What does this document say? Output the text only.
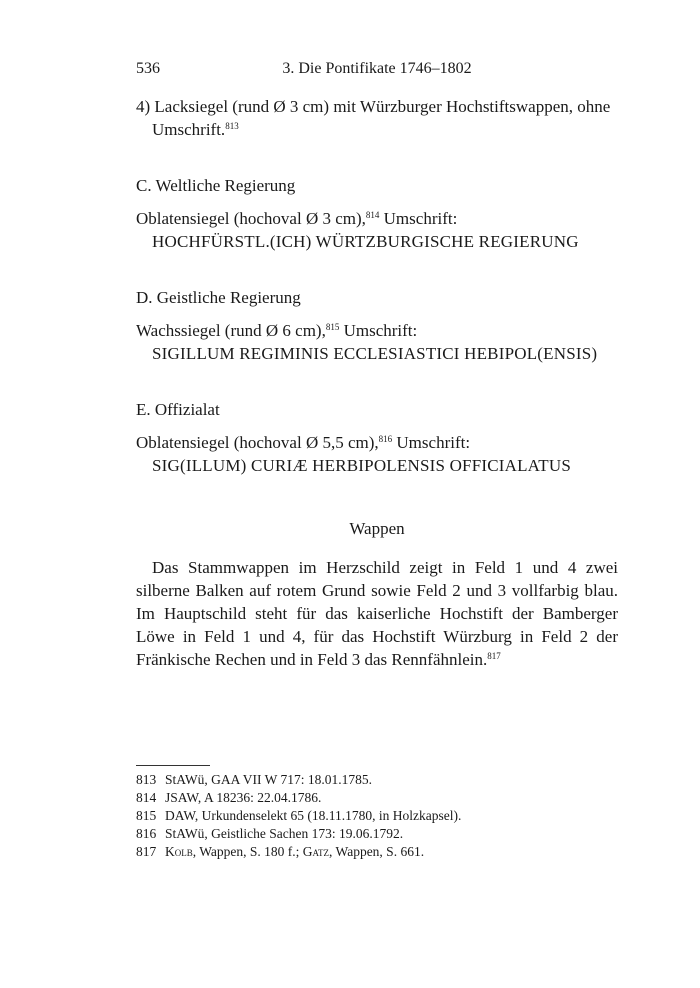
536	3. Die Pontifikate 1746–1802

4) Lacksiegel (rund Ø 3 cm) mit Würzburger Hochstiftswappen, ohne Umschrift.$^{813}$

C. Weltliche Regierung

Oblatensiegel (hochoval Ø 3 cm),$^{814}$ Umschrift:

HOCHFÜRSTL.(ICH) WÜRTZBURGISCHE REGIERUNG

D. Geistliche Regierung

Wachssiegel (rund Ø 6 cm),$^{815}$ Umschrift:

SIGILLUM REGIMINIS ECCLESIASTICI HEBIPOL(ENSIS)

E. Offizialat

Oblatensiegel (hochoval Ø 5,5 cm),$^{816}$ Umschrift:

SIG(ILLUM) CURIÆ HERBIPOLENSIS OFFICIALATUS

Wappen

Das Stammwappen im Herzschild zeigt in Feld 1 und 4 zwei silberne Balken auf rotem Grund sowie Feld 2 und 3 vollfarbig blau. Im Hauptschild steht für das kaiserliche Hochstift der Bamberger Löwe in Feld 1 und 4, für das Hochstift Würzburg in Feld 2 der Fränkische Rechen und in Feld 3 das Rennfähnlein.$^{817}$

813 StAWü, GAA VII W 717: 18.01.1785.

814 JSAW, A 18236: 22.04.1786.

815 DAW, Urkundenselekt 65 (18.11.1780, in Holzkapsel).

816 StAWü, Geistliche Sachen 173: 19.06.1792.

817 Kolb, Wappen, S. 180 f.; Gatz, Wappen, S. 661.
